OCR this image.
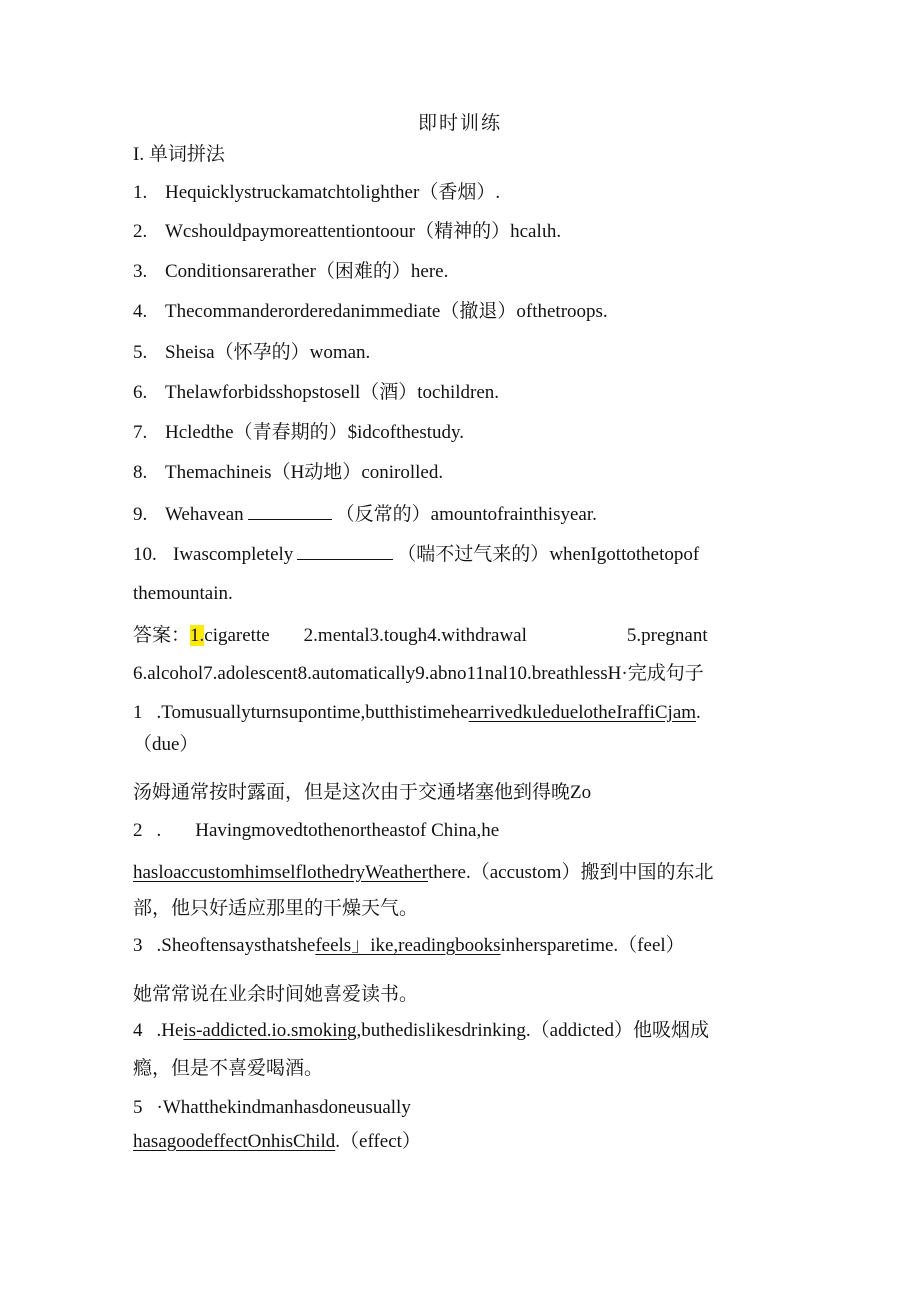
即时训练
I. 单词拼法
1. Hequicklystruckamatchtolighther（香烟）.
2. Wcshouldpaymoreattentiontoour（精神的）hcalιh.
3. Conditionsarerather（困难的）here.
4. Thecommanderorderedanimmediate（撤退）ofthetroops.
5. Sheisa（怀孕的）woman.
6. Thelawforbidsshopstosell（酒）tochildren.
7. Hcledthe（青春期的）$idcofthestudy.
8. Themachineis（H动地）conirolled.
9. Wehavean	（反常的）amountofrainthisyear.
10. Iwascompletely	（喘不过气来的）whenIgottothetopof
themountain.
答案：1.cigarette 2.mental3.tough4.withdrawal	5.pregnant
6.alcohol7.adolescent8.automatically9.abno11nal10.breathlessH·完成句子
1 .Tomusuallyturnsupontime,butthistimehearrivedkιleduelotheIraffiCjam.
（due）
汤姆通常按时露面，但是这次由于交通堵塞他到得晚Zo
2 . Havingmovedtothenortheastof China,he
hasloaccustomhimselflothedryWeatherthere.（accustom）搬到中国的东北
部，他只好适应那里的干燥天气。
3 .Sheoftensaysthatshefeels」ike,readingbooksinhersparetime.（feel）
她常常说在业余时间她喜爱读书。
4 .Heis-addicted.io.smoking,buthedislikesdrinking.（addicted）他吸烟成
瘾，但是不喜爱喝酒。
5 ·Whatthekindmanhasdoneusually
hasagoodeffectOnhisChild.（effect）
